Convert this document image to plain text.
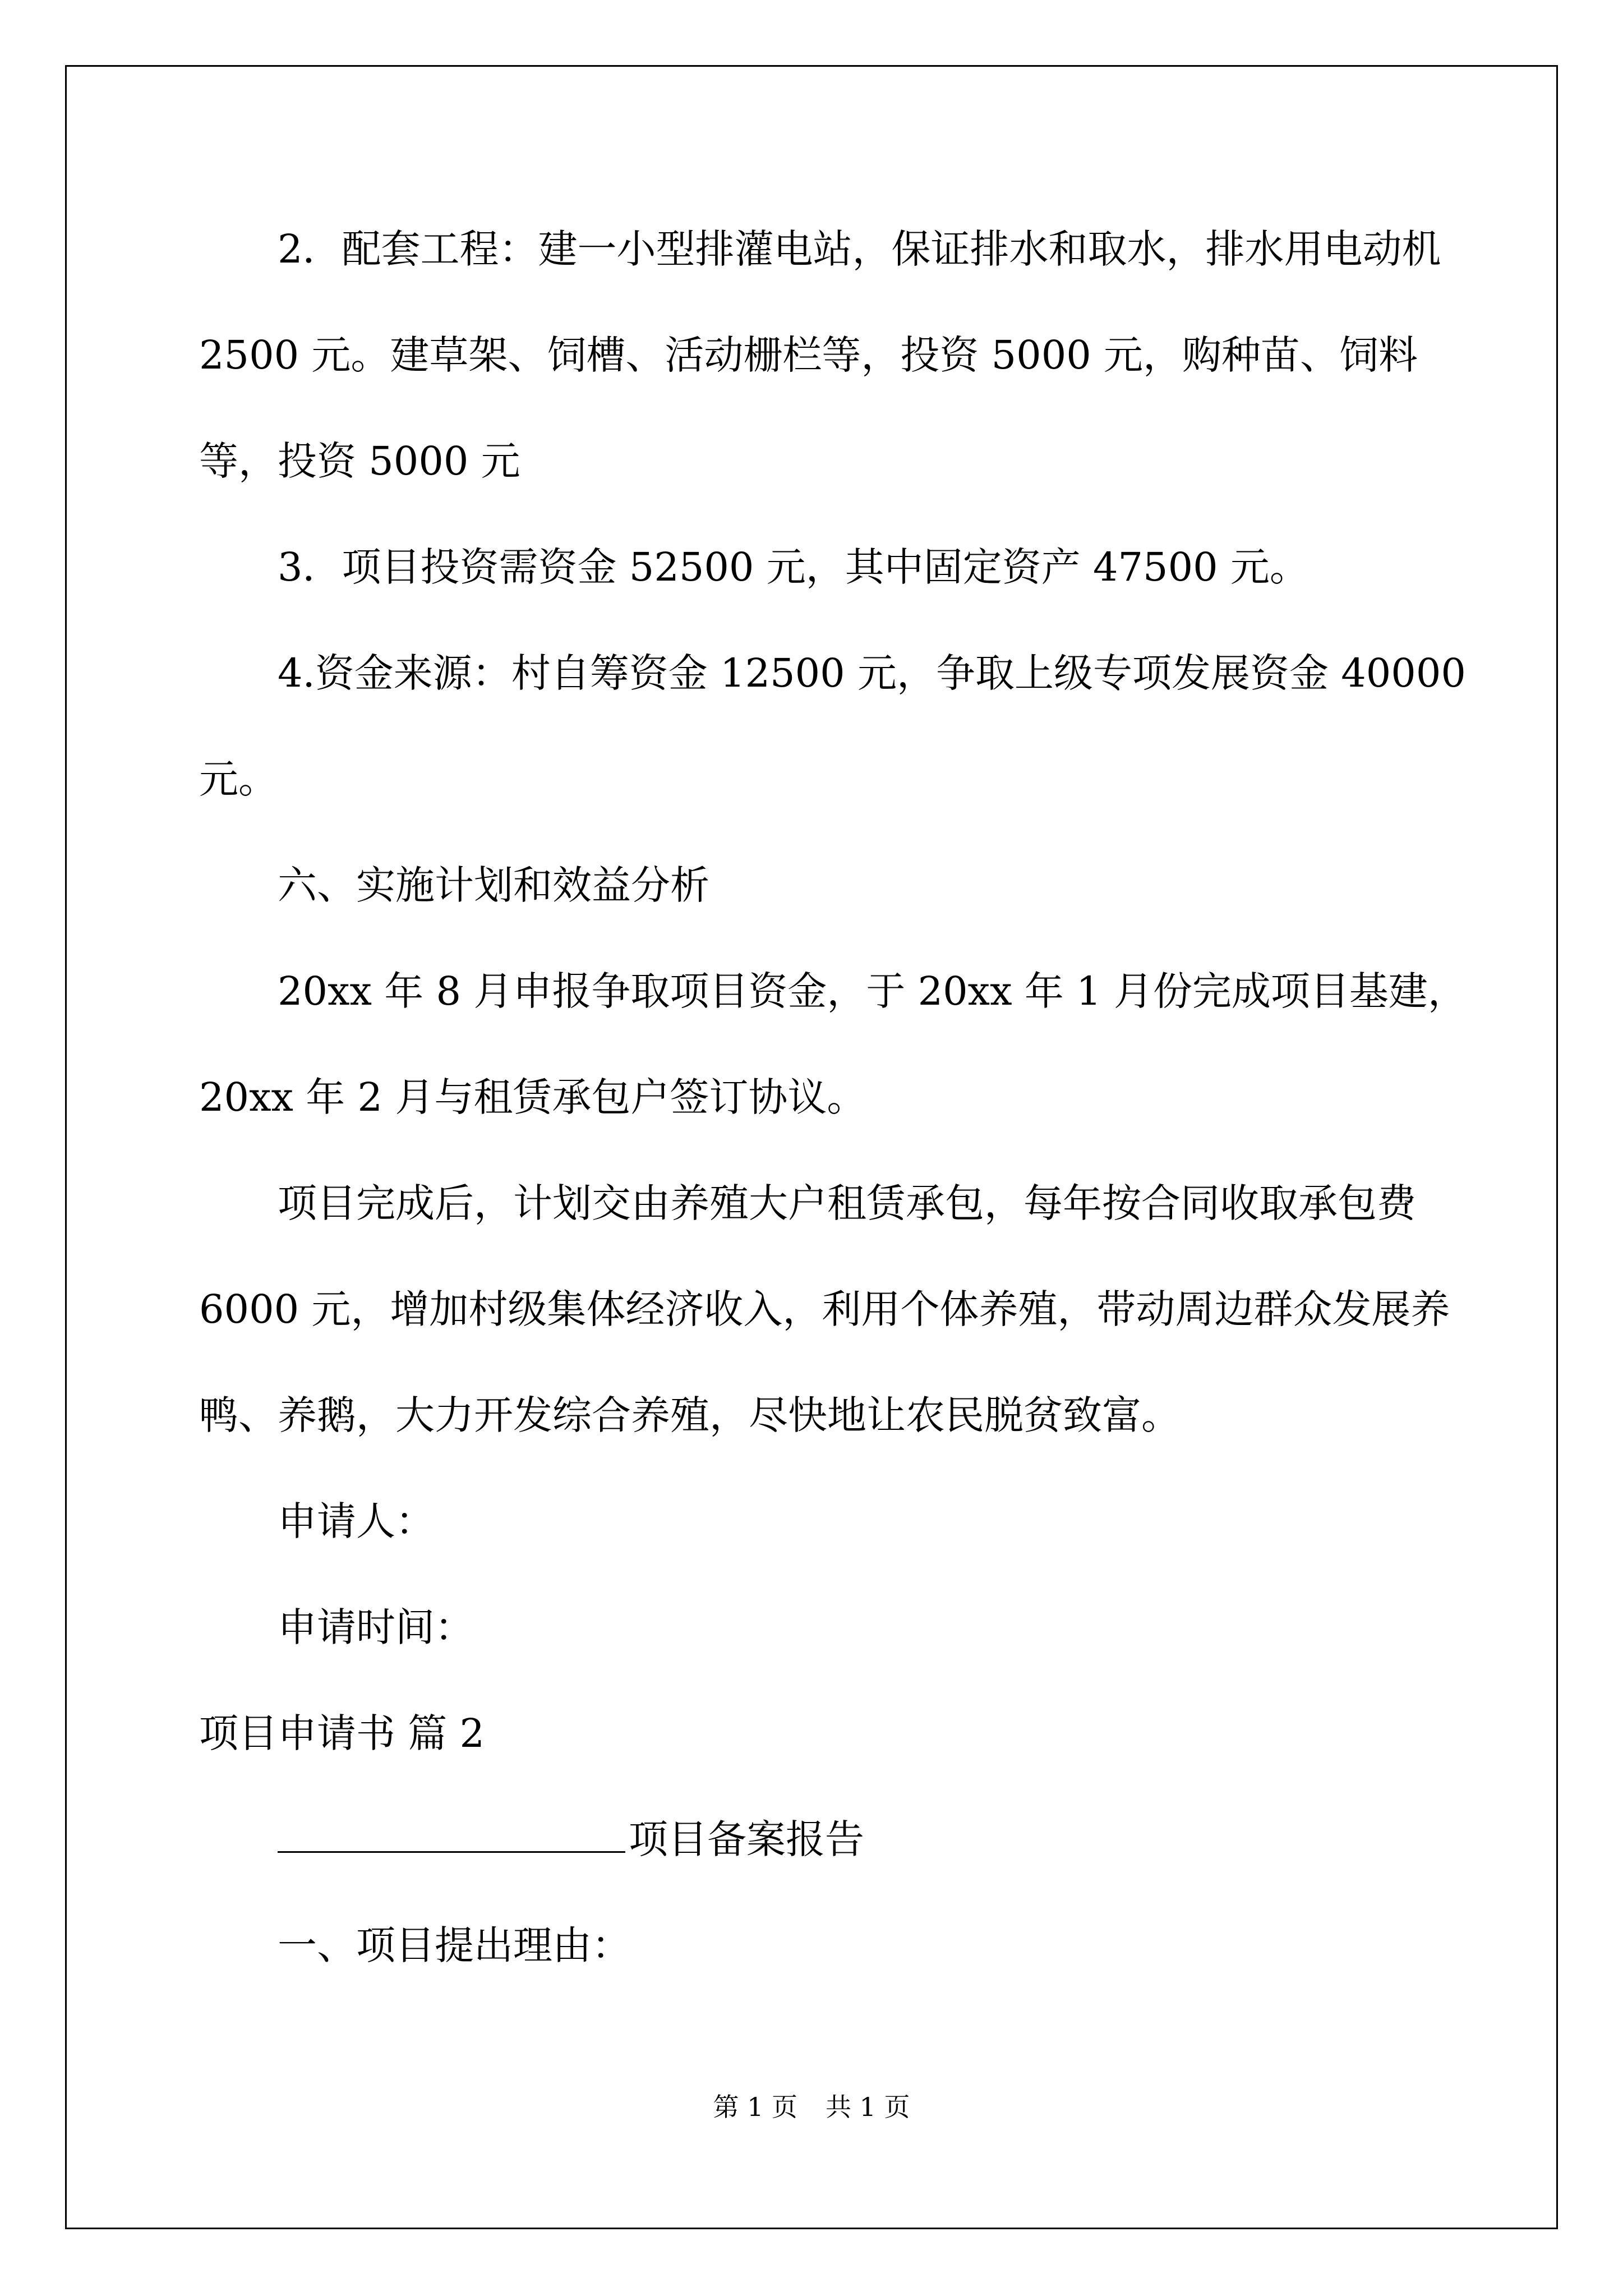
2．配套工程：建一小型排灌电站，保证排水和取水，排水用电动机 2500 元。建草架、饲槽、活动栅栏等，投资 5000 元，购种苗、饲料等，投资 5000 元

3．项目投资需资金 52500 元，其中固定资产 47500 元。

4.资金来源：村自筹资金 12500 元，争取上级专项发展资金 40000 元。

六、实施计划和效益分析

20xx 年 8 月申报争取项目资金，于 20xx 年 1 月份完成项目基建，20xx 年 2 月与租赁承包户签订协议。

项目完成后，计划交由养殖大户租赁承包，每年按合同收取承包费 6000 元，增加村级集体经济收入，利用个体养殖，带动周边群众发展养鸭、养鹅，大力开发综合养殖，尽快地让农民脱贫致富。

申请人：

申请时间：

项目申请书 篇 2

项目备案报告

一、项目提出理由：

第 1 页 共 1 页
